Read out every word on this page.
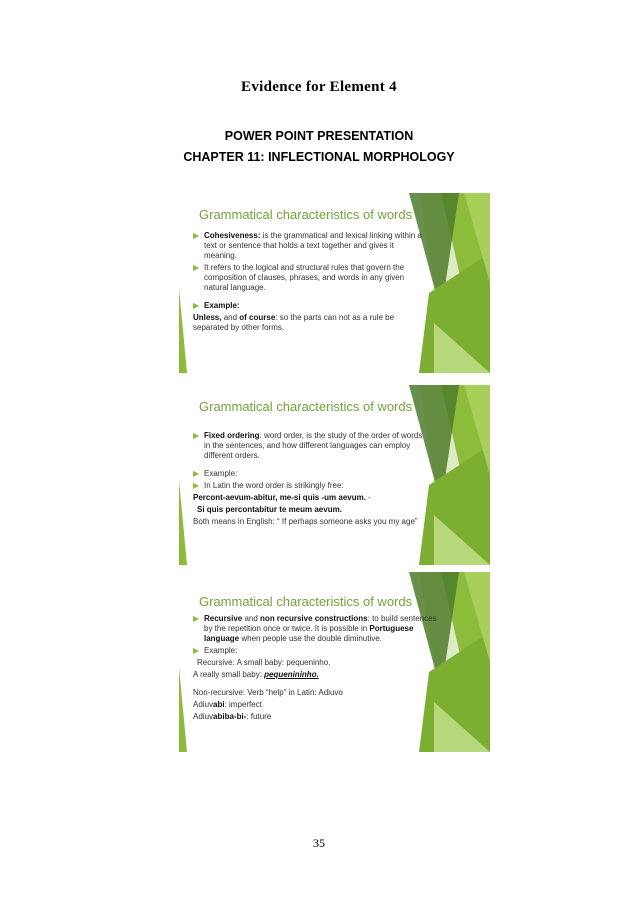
Evidence for Element 4
POWER POINT PRESENTATION
CHAPTER 11: INFLECTIONAL MORPHOLOGY
Grammatical characteristics of words
▶ Cohesiveness: is the grammatical and lexical linking within a text or sentence that holds a text together and gives it meaning.
▶ It refers to the logical and structural rules that govern the composition of clauses, phrases, and words in any given natural language.
▶ Example:
Unless, and of course: so the parts can not as a rule be separated by other forms.
Grammatical characteristics of words
▶ Fixed ordering: word order, is the study of the order of words in the sentences, and how different languages can employ different orders.
▶ Example:
▶ In Latin the word order is strikingly free:
Percont-aevum-abitur, me-si quis -um aevum. -
Si quis percontabitur te meum aevum.
Both means in English: “ If perhaps someone asks you my age”
Grammatical characteristics of words
▶ Recursive and non recursive constructions: to build sentences by the repetition once or twice. It is possible in Portuguese language when people use the double diminutive.
▶ Example:
Recursive: A small baby: pequeninho.
A really small baby: pequenininho.
Non-recursive: Verb “help” in Latin: Adiuvo
Adiuvabi: imperfect
Adiuvabiba-bi-: future
35
